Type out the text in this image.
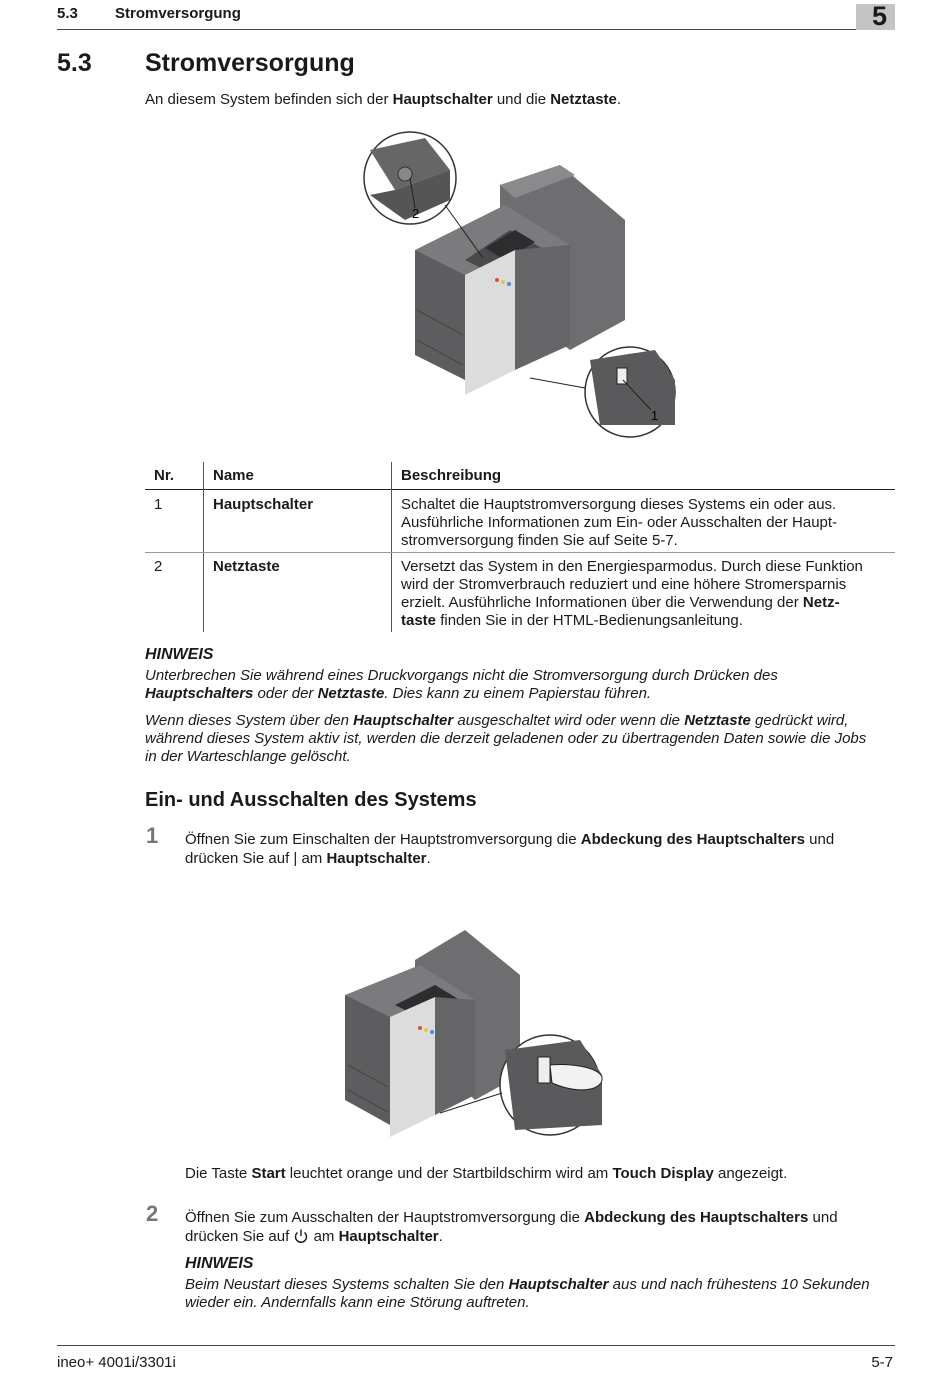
5.3 Stromversorgung	5
5.3 Stromversorgung
An diesem System befinden sich der Hauptschalter und die Netztaste.
2
1
Nr.	Name	Beschreibung
1	Hauptschalter	Schaltet die Hauptstromversorgung dieses Systems ein oder aus.
Ausführliche Informationen zum Ein- oder Ausschalten der Haupt-
stromversorgung finden Sie auf Seite 5-7.
2	Netztaste	Versetzt das System in den Energiesparmodus. Durch diese Funktion
wird der Stromverbrauch reduziert und eine höhere Stromersparnis
erzielt. Ausführliche Informationen über die Verwendung der Netz-
taste finden Sie in der HTML-Bedienungsanleitung.
HINWEIS
Unterbrechen Sie während eines Druckvorgangs nicht die Stromversorgung durch Drücken des
Hauptschalters oder der Netztaste. Dies kann zu einem Papierstau führen.
Wenn dieses System über den Hauptschalter ausgeschaltet wird oder wenn die Netztaste gedrückt wird,
während dieses System aktiv ist, werden die derzeit geladenen oder zu übertragenden Daten sowie die Jobs
in der Warteschlange gelöscht.
Ein- und Ausschalten des Systems
1 Öffnen Sie zum Einschalten der Hauptstromversorgung die Abdeckung des Hauptschalters und
drücken Sie auf | am Hauptschalter.
Die Taste Start leuchtet orange und der Startbildschirm wird am Touch Display angezeigt.
2 Öffnen Sie zum Ausschalten der Hauptstromversorgung die Abdeckung des Hauptschalters und
drücken Sie auf  am Hauptschalter.
HINWEIS
Beim Neustart dieses Systems schalten Sie den Hauptschalter aus und nach frühestens 10 Sekunden
wieder ein. Andernfalls kann eine Störung auftreten.
ineo+ 4001i/3301i	5-7
